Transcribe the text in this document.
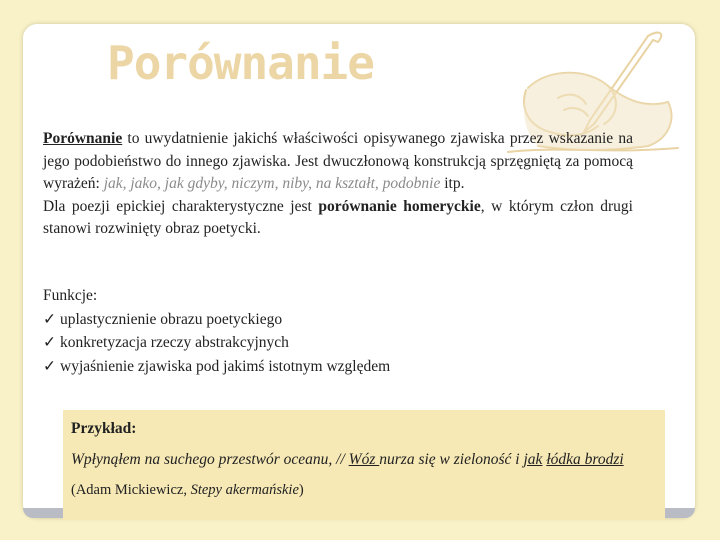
Porównanie
Porównanie to uwydatnienie jakichś właściwości opisywanego zjawiska przez wskazanie na jego podobieństwo do innego zjawiska. Jest dwuczłonową konstrukcją sprzęgniętą za pomocą wyrażeń: jak, jako, jak gdyby, niczym, niby, na kształt, podobnie itp.
Dla poezji epickiej charakterystyczne jest porównanie homeryckie, w którym człon drugi stanowi rozwinięty obraz poetycki.
Funkcje:
✓ uplastycznienie obrazu poetyckiego
✓ konkretyzacja rzeczy abstrakcyjnych
✓ wyjaśnienie zjawiska pod jakimś istotnym względem
Przykład:
Wpłynąłem na suchego przestwór oceanu, // Wóz nurza się w zieloność i jak łódka brodzi
(Adam Mickiewicz, Stepy akermańskie)
